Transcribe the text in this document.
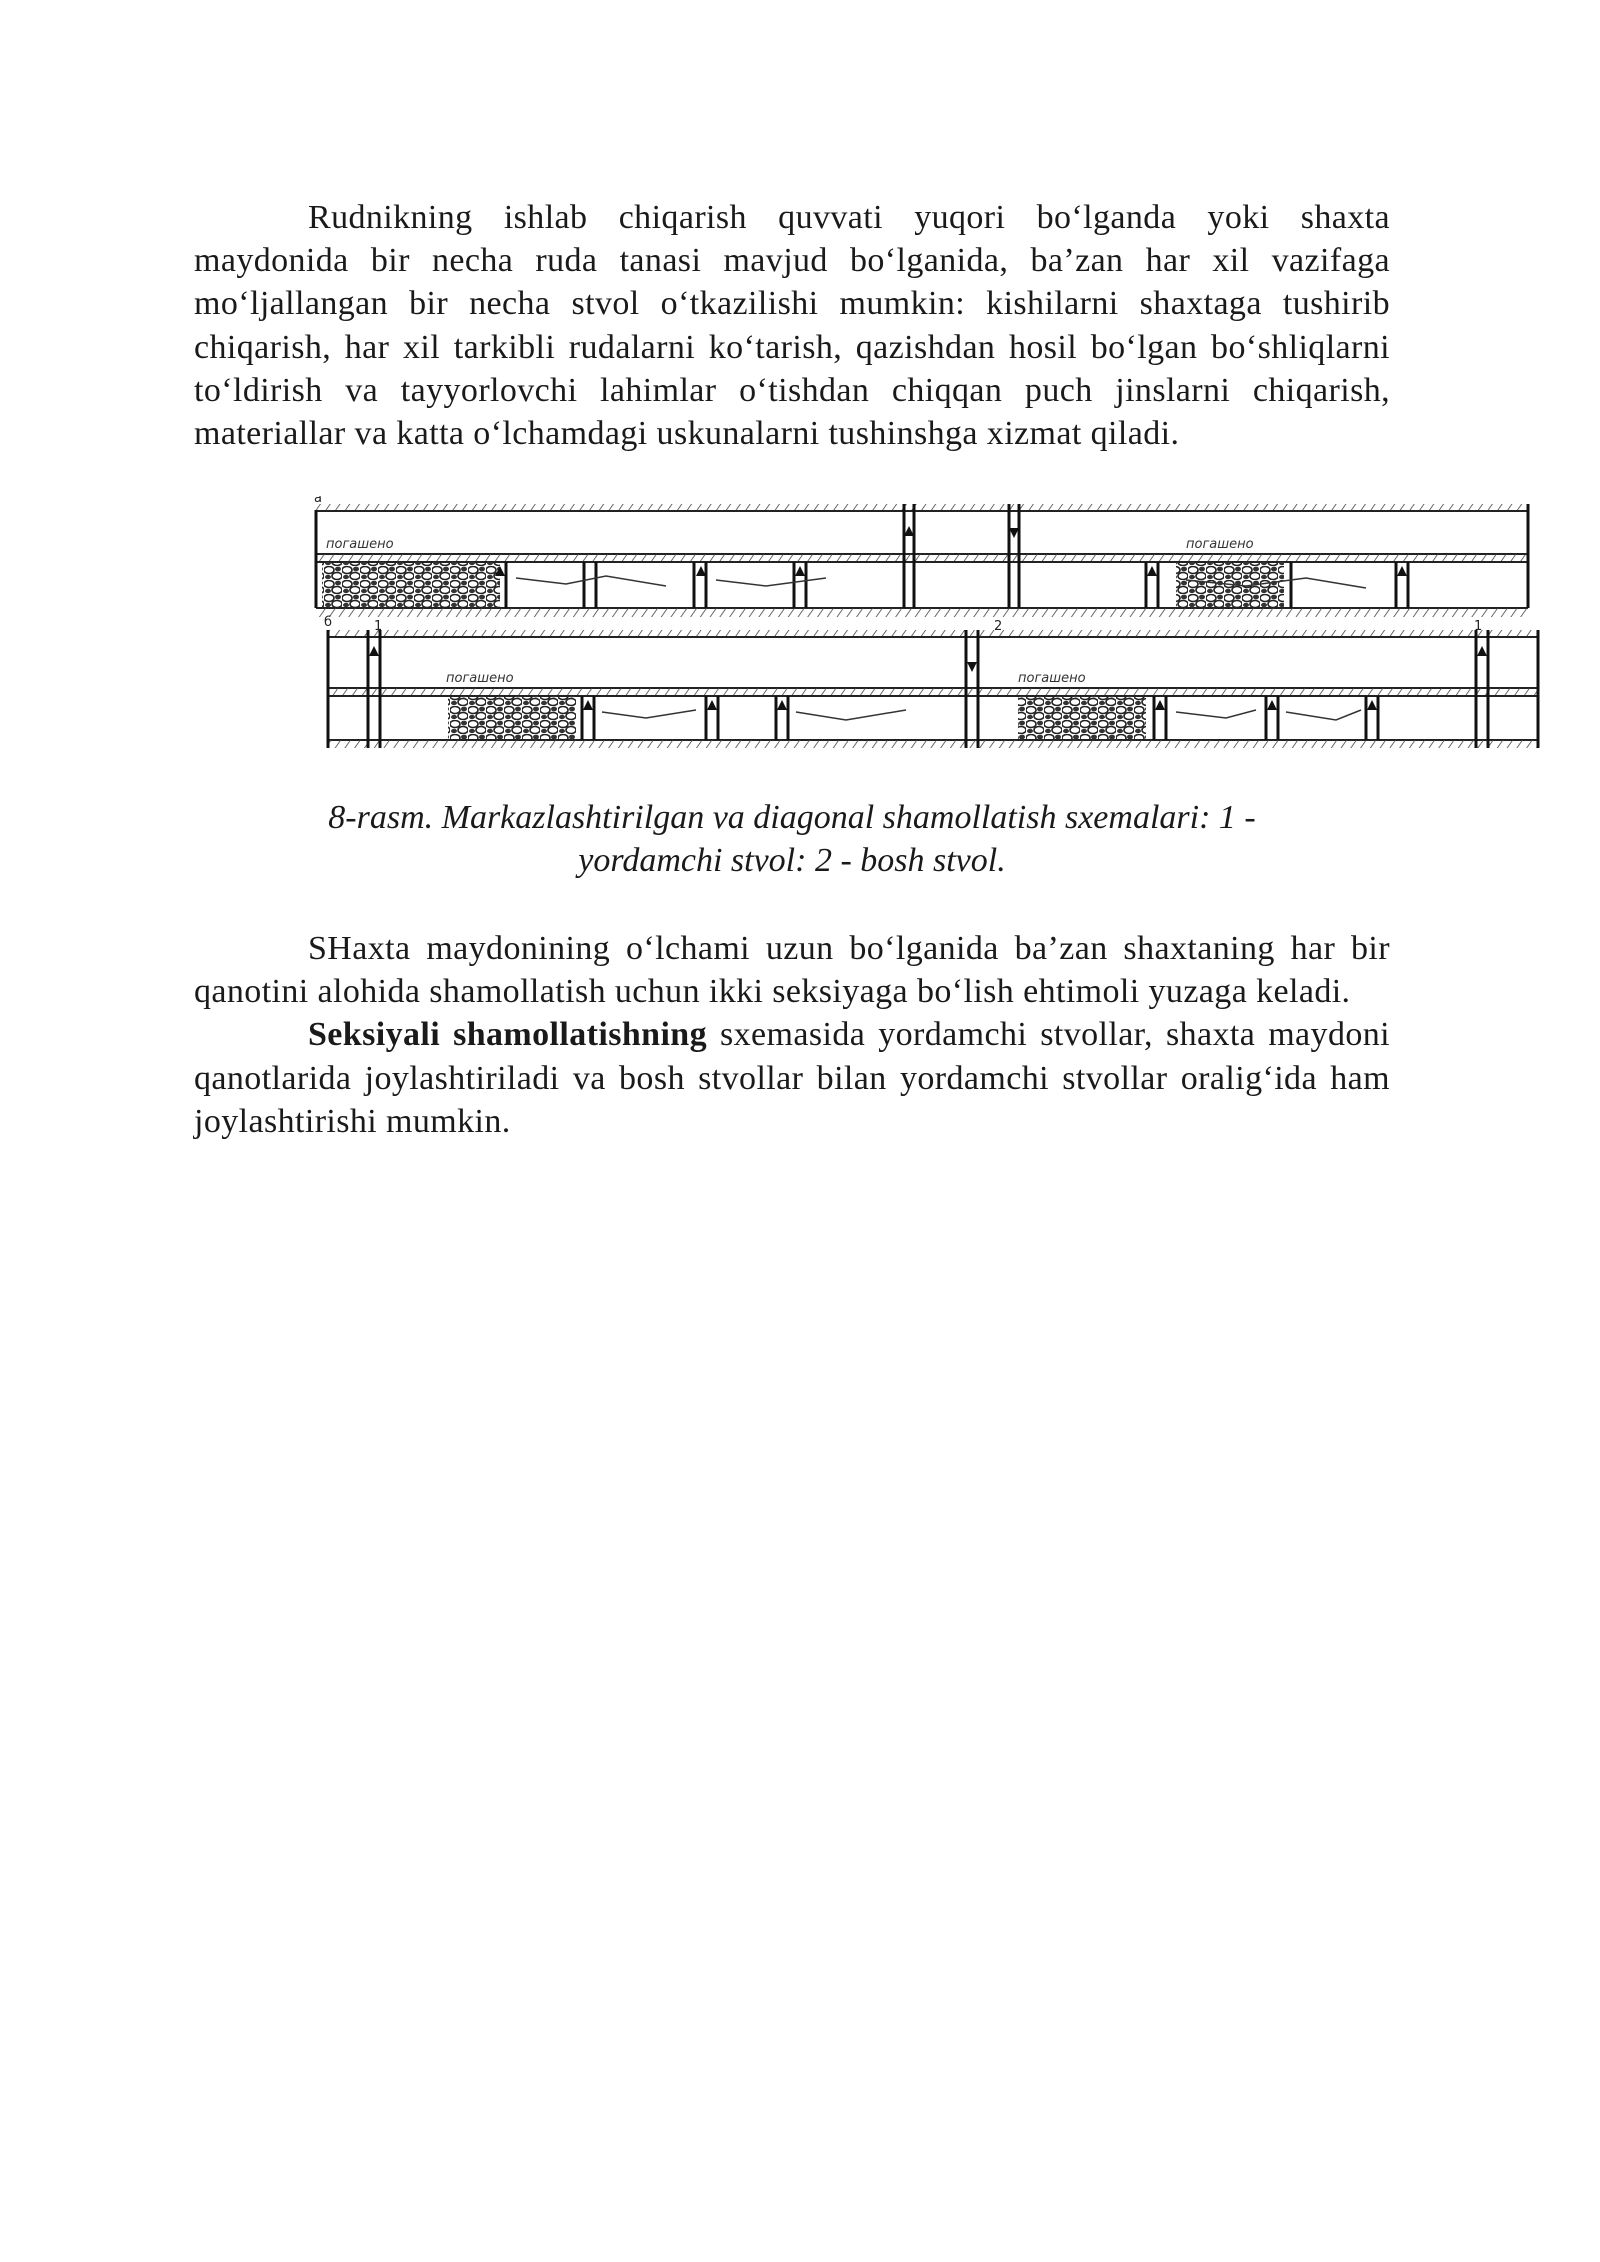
Rudnikning ishlab chiqarish quvvati yuqori bo‘lganda yoki shaxta maydonida bir necha ruda tanasi mavjud bo‘lganida, ba’zan har xil vazifaga mo‘ljallangan bir necha stvol o‘tkazilishi mumkin: kishilarni shaxtaga tushirib chiqarish, har xil tarkibli rudalarni ko‘tarish, qazishdan hosil bo‘lgan bo‘shliqlarni to‘ldirish va tayyorlovchi lahimlar o‘tishdan chiqqan puch jinslarni chiqarish, materiallar va katta o‘lchamdagi uskunalarni tushinshga xizmat qiladi.

погашено	погашено
а
погашено	погашено
б	1	2	1
8-rasm. Markazlashtirilgan va diagonal shamollatish sxemalari: 1 -
yordamchi stvol: 2 - bosh stvol.

SHaxta maydonining o‘lchami uzun bo‘lganida ba’zan shaxtaning har bir qanotini alohida shamollatish uchun ikki seksiyaga bo‘lish ehtimoli yuzaga keladi.

Seksiyali shamollatishning sxemasida yordamchi stvollar, shaxta maydoni qanotlarida joylashtiriladi va bosh stvollar bilan yordamchi stvollar oralig‘ida ham joylashtirishi mumkin.
